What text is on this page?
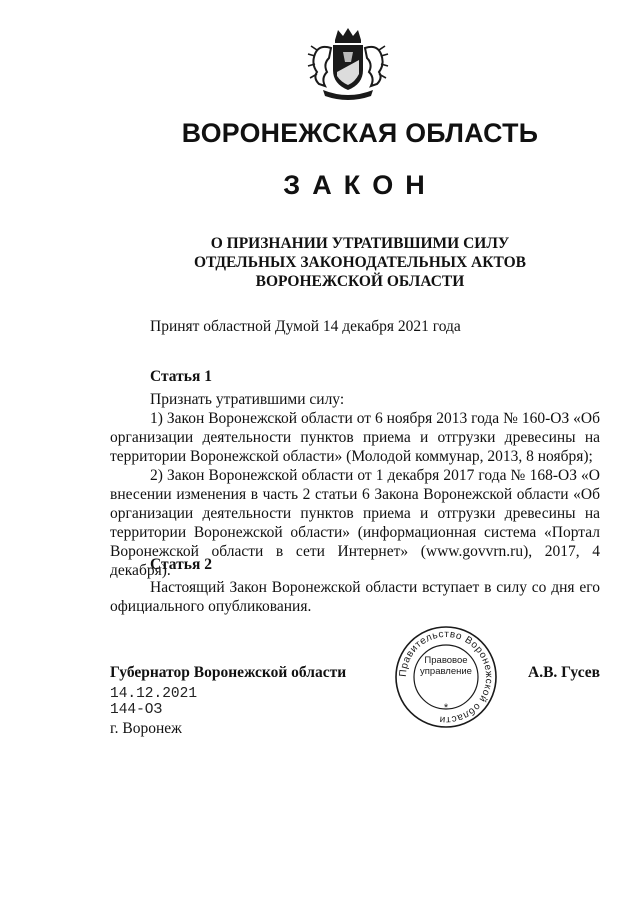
ВОРОНЕЖСКАЯ ОБЛАСТЬ
ЗАКОН
О ПРИЗНАНИИ УТРАТИВШИМИ СИЛУ
ОТДЕЛЬНЫХ ЗАКОНОДАТЕЛЬНЫХ АКТОВ
ВОРОНЕЖСКОЙ ОБЛАСТИ

Принят областной Думой 14 декабря 2021 года

Статья 1

Признать утратившими силу:

1) Закон Воронежской области от 6 ноября 2013 года № 160-ОЗ «Об организации деятельности пунктов приема и отгрузки древесины на территории Воронежской области» (Молодой коммунар, 2013, 8 ноября);

2) Закон Воронежской области от 1 декабря 2017 года № 168-ОЗ «О внесении изменения в часть 2 статьи 6 Закона Воронежской области «Об организации деятельности пунктов приема и отгрузки древесины на территории Воронежской области» (информационная система «Портал Воронежской области в сети Интернет» (www.govvrn.ru), 2017, 4 декабря).

Статья 2

Настоящий Закон Воронежской области вступает в силу со дня его официального опубликования.

Губернатор Воронежской области	А.В. Гусев

14.12.2021

144-ОЗ

г. Воронеж

Правительство Воронежской области
*
Правовое
управление
